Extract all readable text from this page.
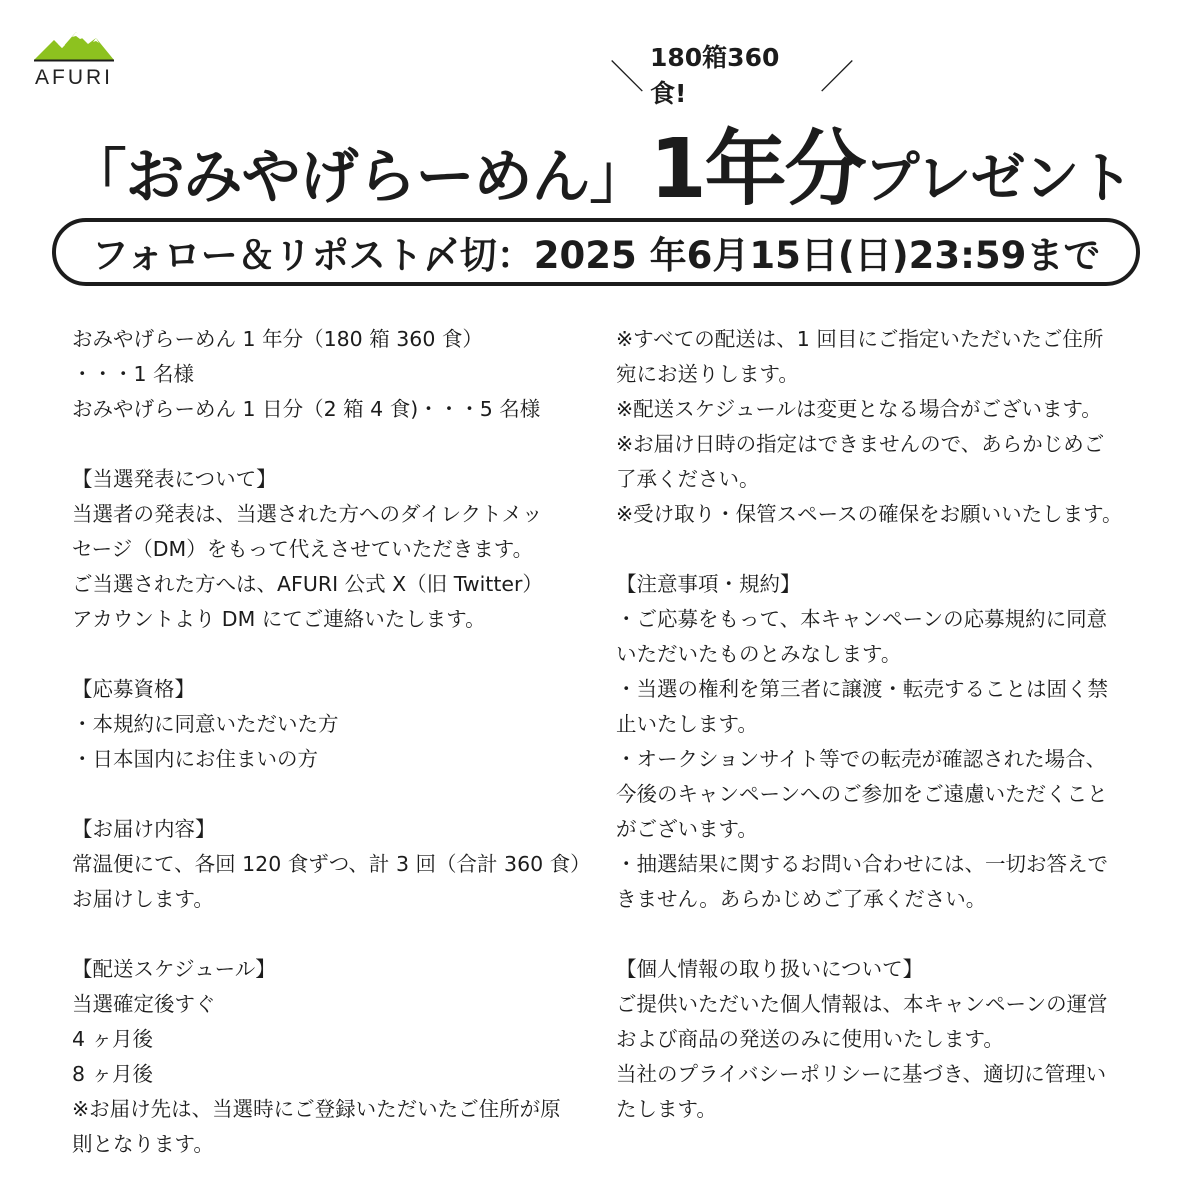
AFURI	＼ 180箱360食!	／
「おみやげらーめん」 1年分 プレゼント
フォロー＆リポスト〆切：2025 年6月15日(日)23:59まで

おみやげらーめん 1 年分（180 箱 360 食）

・・・1 名様

おみやげらーめん 1 日分（2 箱 4 食)・・・5 名様

【当選発表について】

当選者の発表は、当選された方へのダイレクトメッ

セージ（DM）をもって代えさせていただきます。

ご当選された方へは、AFURI 公式 X（旧 Twitter）

アカウントより DM にてご連絡いたします。

【応募資格】

・本規約に同意いただいた方

・日本国内にお住まいの方

【お届け内容】

常温便にて、各回 120 食ずつ、計 3 回（合計 360 食）

お届けします。

【配送スケジュール】

当選確定後すぐ

4 ヶ月後

8 ヶ月後

※お届け先は、当選時にご登録いただいたご住所が原

則となります。

※すべての配送は、1 回目にご指定いただいたご住所

宛にお送りします。

※配送スケジュールは変更となる場合がございます。

※お届け日時の指定はできませんので、あらかじめご

了承ください。

※受け取り・保管スペースの確保をお願いいたします。

【注意事項・規約】

・ご応募をもって、本キャンペーンの応募規約に同意

いただいたものとみなします。

・当選の権利を第三者に譲渡・転売することは固く禁

止いたします。

・オークションサイト等での転売が確認された場合、

今後のキャンペーンへのご参加をご遠慮いただくこと

がございます。

・抽選結果に関するお問い合わせには、一切お答えで

きません。あらかじめご了承ください。

【個人情報の取り扱いについて】

ご提供いただいた個人情報は、本キャンペーンの運営

および商品の発送のみに使用いたします。

当社のプライバシーポリシーに基づき、適切に管理い

たします。
